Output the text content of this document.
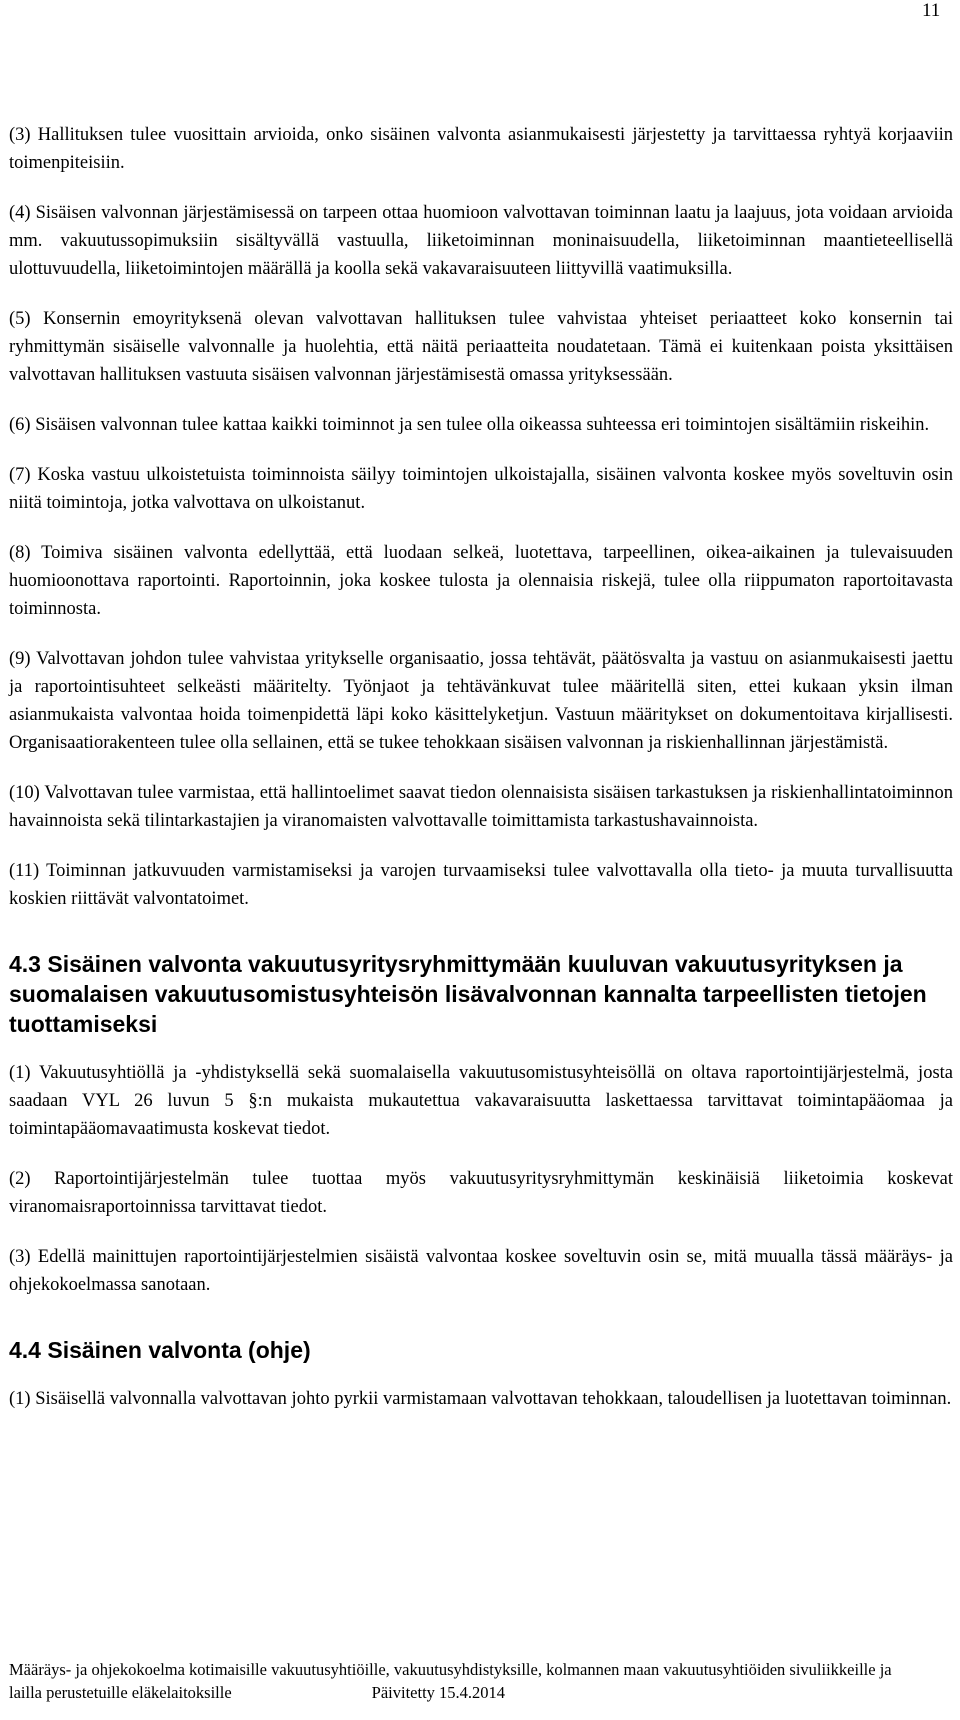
11

(3) Hallituksen tulee vuosittain arvioida, onko sisäinen valvonta asianmukaisesti järjestetty ja tarvittaessa ryhtyä korjaaviin toimenpiteisiin.

(4) Sisäisen valvonnan järjestämisessä on tarpeen ottaa huomioon valvottavan toiminnan laatu ja laajuus, jota voidaan arvioida mm. vakuutussopimuksiin sisältyvällä vastuulla, liiketoiminnan moninaisuudella, liiketoiminnan maantieteellisellä ulottuvuudella, liiketoimintojen määrällä ja koolla sekä vakavaraisuuteen liittyvillä vaatimuksilla.

(5) Konsernin emoyrityksenä olevan valvottavan hallituksen tulee vahvistaa yhteiset periaatteet koko konsernin tai ryhmittymän sisäiselle valvonnalle ja huolehtia, että näitä periaatteita noudatetaan. Tämä ei kuitenkaan poista yksittäisen valvottavan hallituksen vastuuta sisäisen valvonnan järjestämisestä omassa yrityksessään.

(6) Sisäisen valvonnan tulee kattaa kaikki toiminnot ja sen tulee olla oikeassa suhteessa eri toimintojen sisältämiin riskeihin.

(7) Koska vastuu ulkoistetuista toiminnoista säilyy toimintojen ulkoistajalla, sisäinen valvonta koskee myös soveltuvin osin niitä toimintoja, jotka valvottava on ulkoistanut.

(8) Toimiva sisäinen valvonta edellyttää, että luodaan selkeä, luotettava, tarpeellinen, oikea-aikainen ja tulevaisuuden huomioonottava raportointi. Raportoinnin, joka koskee tulosta ja olennaisia riskejä, tulee olla riippumaton raportoitavasta toiminnosta.

(9) Valvottavan johdon tulee vahvistaa yritykselle organisaatio, jossa tehtävät, päätösvalta ja vastuu on asianmukaisesti jaettu ja raportointisuhteet selkeästi määritelty. Työnjaot ja tehtävänkuvat tulee määritellä siten, ettei kukaan yksin ilman asianmukaista valvontaa hoida toimenpidettä läpi koko käsittelyketjun. Vastuun määritykset on dokumentoitava kirjallisesti. Organisaatiorakenteen tulee olla sellainen, että se tukee tehokkaan sisäisen valvonnan ja riskienhallinnan järjestämistä.

(10) Valvottavan tulee varmistaa, että hallintoelimet saavat tiedon olennaisista sisäisen tarkastuksen ja riskienhallintatoiminnon havainnoista sekä tilintarkastajien ja viranomaisten valvottavalle toimittamista tarkastushavainnoista.

(11) Toiminnan jatkuvuuden varmistamiseksi ja varojen turvaamiseksi tulee valvottavalla olla tieto- ja muuta turvallisuutta koskien riittävät valvontatoimet.

4.3 Sisäinen valvonta vakuutusyritysryhmittymään kuuluvan vakuutusyrityksen ja suomalaisen vakuutusomistusyhteisön lisävalvonnan kannalta tarpeellisten tietojen tuottamiseksi

(1) Vakuutusyhtiöllä ja -yhdistyksellä sekä suomalaisella vakuutusomistusyhteisöllä on oltava raportointijärjestelmä, josta saadaan VYL 26 luvun 5 §:n mukaista mukautettua vakavaraisuutta laskettaessa tarvittavat toimintapääomaa ja toimintapääomavaatimusta koskevat tiedot.

(2) Raportointijärjestelmän tulee tuottaa myös vakuutusyritysryhmittymän keskinäisiä liiketoimia koskevat viranomaisraportoinnissa tarvittavat tiedot.

(3) Edellä mainittujen raportointijärjestelmien sisäistä valvontaa koskee soveltuvin osin se, mitä muualla tässä määräys- ja ohjekokoelmassa sanotaan.

4.4 Sisäinen valvonta (ohje)

(1) Sisäisellä valvonnalla valvottavan johto pyrkii varmistamaan valvottavan tehokkaan, taloudellisen ja luotettavan toiminnan.

Määräys- ja ohjekokoelma kotimaisille vakuutusyhtiöille, vakuutusyhdistyksille, kolmannen maan vakuutusyhtiöiden sivuliikkeille ja
lailla perustetuille eläkelaitoksille	Päivitetty 15.4.2014
